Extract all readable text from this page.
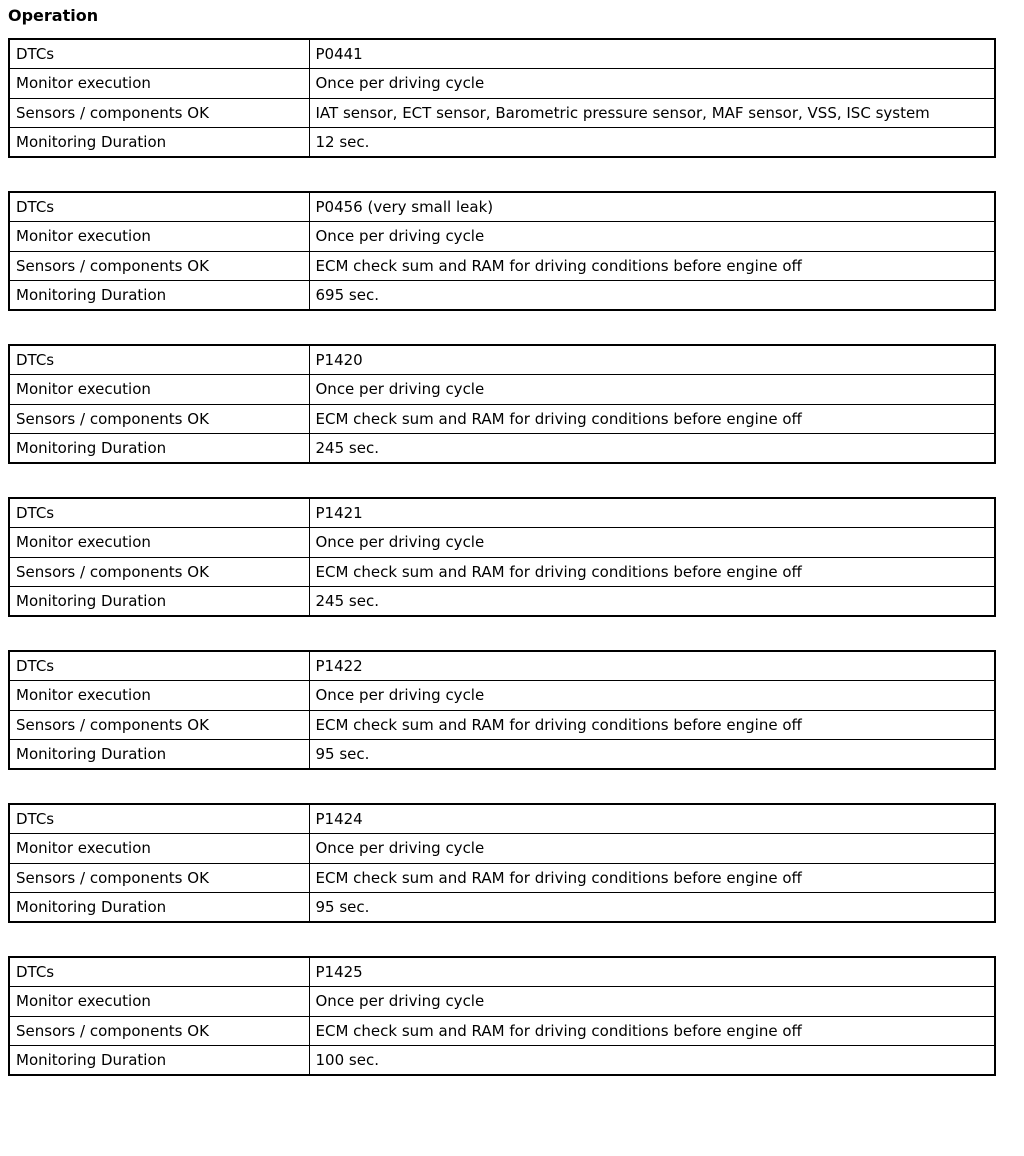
Operation
DTCs	P0441
Monitor execution	Once per driving cycle
Sensors / components OK	IAT sensor, ECT sensor, Barometric pressure sensor, MAF sensor, VSS, ISC system
Monitoring Duration	12 sec.
DTCs	P0456 (very small leak)
Monitor execution	Once per driving cycle
Sensors / components OK	ECM check sum and RAM for driving conditions before engine off
Monitoring Duration	695 sec.
DTCs	P1420
Monitor execution	Once per driving cycle
Sensors / components OK	ECM check sum and RAM for driving conditions before engine off
Monitoring Duration	245 sec.
DTCs	P1421
Monitor execution	Once per driving cycle
Sensors / components OK	ECM check sum and RAM for driving conditions before engine off
Monitoring Duration	245 sec.
DTCs	P1422
Monitor execution	Once per driving cycle
Sensors / components OK	ECM check sum and RAM for driving conditions before engine off
Monitoring Duration	95 sec.
DTCs	P1424
Monitor execution	Once per driving cycle
Sensors / components OK	ECM check sum and RAM for driving conditions before engine off
Monitoring Duration	95 sec.
DTCs	P1425
Monitor execution	Once per driving cycle
Sensors / components OK	ECM check sum and RAM for driving conditions before engine off
Monitoring Duration	100 sec.
